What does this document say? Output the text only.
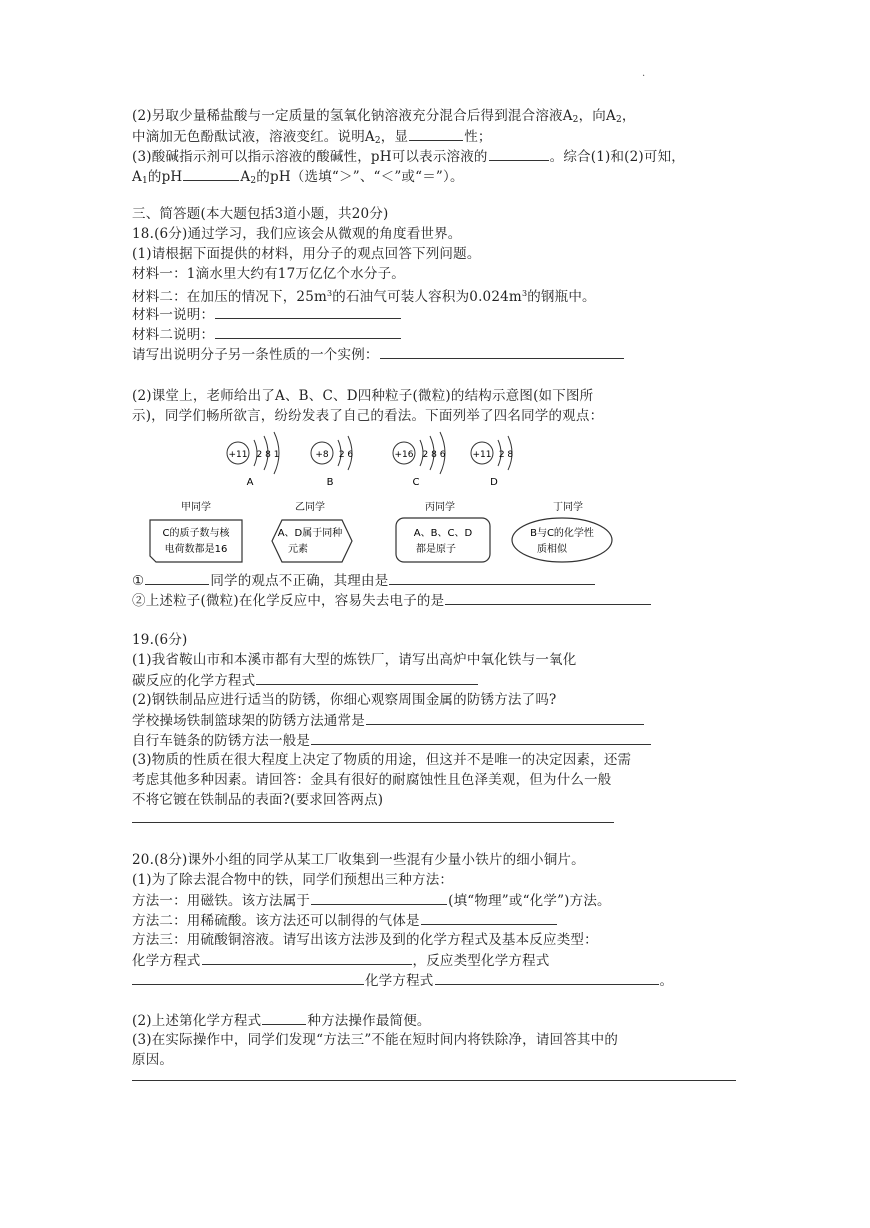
.
(2)另取少量稀盐酸与一定质量的氢氧化钠溶液充分混合后得到混合溶液$A_2$，向$A_2$，
中滴加无色酚酞试液，溶液变红。说明$A_2$，显	性；
(3)酸碱指示剂可以指示溶液的酸碱性，pH可以表示溶液的	。综合(1)和(2)可知，
$A_1$的pH	$A_2$的pH（选填“＞”、“＜”或“＝”）。
三、简答题(本大题包括3道小题，共20分)
18.(6分)通过学习，我们应该会从微观的角度看世界。
(1)请根据下面提供的材料，用分子的观点回答下列问题。
材料一：1滴水里大约有17万亿亿个水分子。
材料二：在加压的情况下，$25m^3$的石油气可装人容积为$0.024m^3$的钢瓶中。
材料一说明：
材料二说明：
请写出说明分子另一条性质的一个实例：
(2)课堂上，老师给出了A、B、C、D四种粒子(微粒)的结构示意图(如下图所
示)，同学们畅所欲言，纷纷发表了自己的看法。下面列举了四名同学的观点：
+11 2 8 1
A
+8 2 6
B
+16 2 8 6
C
+11 2 8
D
甲同学
C的质子数与核
电荷数都是16
乙同学
A、D属于同种
元素
丙同学
A、B、C、D
都是原子
丁同学
B与C的化学性
质相似
①	同学的观点不正确，其理由是
②上述粒子(微粒)在化学反应中，容易失去电子的是
19.(6分)
(1)我省鞍山市和本溪市都有大型的炼铁厂，请写出高炉中氧化铁与一氧化
碳反应的化学方程式
(2)钢铁制品应进行适当的防锈，你细心观察周围金属的防锈方法了吗?
学校操场铁制篮球架的防锈方法通常是
自行车链条的防锈方法一般是
(3)物质的性质在很大程度上决定了物质的用途，但这并不是唯一的决定因素，还需
考虑其他多种因素。请回答：金具有很好的耐腐蚀性且色泽美观，但为什么一般
不将它镀在铁制品的表面?(要求回答两点)
20.(8分)课外小组的同学从某工厂收集到一些混有少量小铁片的细小铜片。
(1)为了除去混合物中的铁，同学们预想出三种方法：
方法一：用磁铁。该方法属于	(填“物理”或“化学”)方法。
方法二：用稀硫酸。该方法还可以制得的气体是
方法三：用硫酸铜溶液。请写出该方法涉及到的化学方程式及基本反应类型：
化学方程式	，反应类型化学方程式
化学方程式	。
(2)上述第化学方程式	种方法操作最简便。
(3)在实际操作中，同学们发现“方法三”不能在短时间内将铁除净，请回答其中的
原因。
